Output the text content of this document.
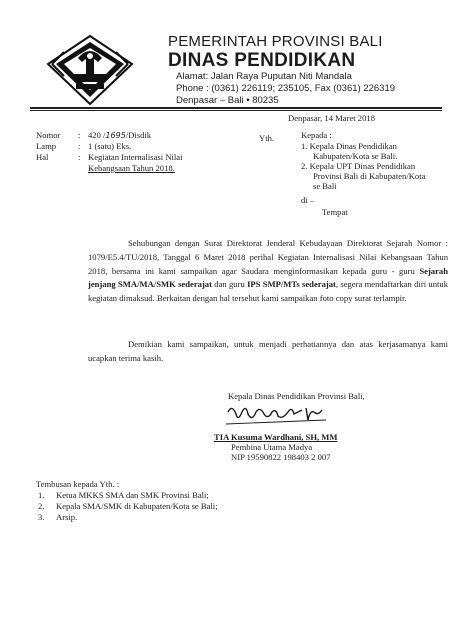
PEMERINTAH PROVINSI BALI
DINAS PENDIDIKAN
Alamat: Jalan Raya Puputan Niti Mandala
Phone : (0361) 226119; 235105, Fax (0361) 226319
Denpasar – Bali • 80235
Denpasar, 14 Maret 2018
Nomor : 420 /1695/Disdik
Lamp	: 1 (satu) Eks.
Hal	: Kegiatan Internalisasi Nilai
Kebangsaan Tahun 2018.
Yth.	Kepada :
1. Kepala Dinas Pendidikan
Kabupaten/Kota se Bali.
2. Kepala UPT Dinas Pendidikan
Provinsi Bali di Kabupaten/Kota
se Bali
di –
Tempat

Sehubungan dengan Surat Direktorat Jenderal Kebudayaan Direktorat Sejarah Nomor : 1079/E5.4/TU/2018, Tanggal 6 Maret 2018 perihal Kegiatan Internalisasi Nilai Kebangsaan Tahun 2018, bersama ini kami sampaikan agar Saudara menginformasikan kepada guru - guru Sejarah jenjang SMA/MA/SMK sederajat dan guru IPS SMP/MTs sederajat, segera mendaftarkan diri untuk kegiatan dimaksud. Berkaitan dengan hal tersebut kami sampaikan foto copy surat terlampir.

Demikian kami sampaikan, untuk menjadi perhatiannya dan atas kerjasamanya kami ucapkan terima kasih.

Kepala Dinas Pendidikan Provinsi Bali,
TIA Kusuma Wardhani, SH, MM
Pembina Utama Madya
NIP 19590822 198403 2 007
Tembusan kepada Yth. :
1. Ketua MKKS SMA dan SMK Provinsi Bali;
2. Kepala SMA/SMK di Kabupaten/Kota se Bali;
3. Arsip.
